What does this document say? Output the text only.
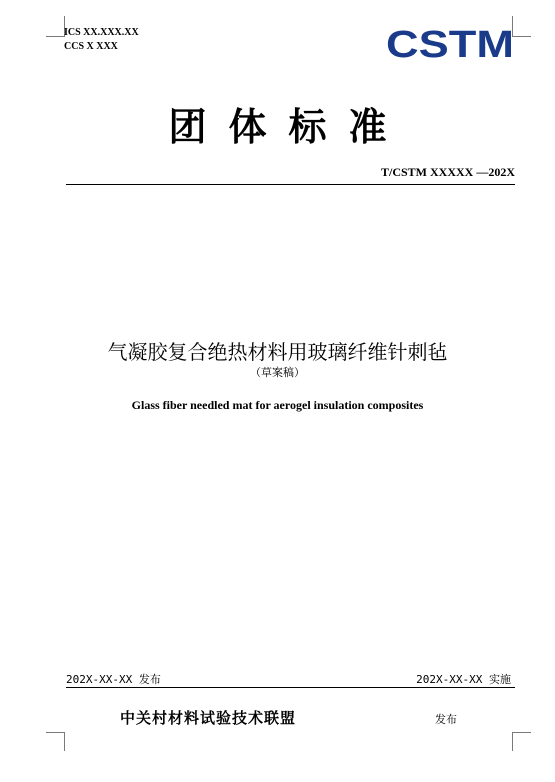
ICS XX.XXX.XX
CCS X XXX	CSTM
团体标准
T/CSTM XXXXX —202X
气凝胶复合绝热材料用玻璃纤维针刺毡
（草案稿）
Glass fiber needled mat for aerogel insulation composites
202X-XX-XX 发布	202X-XX-XX 实施
中关村材料试验技术联盟	发布
